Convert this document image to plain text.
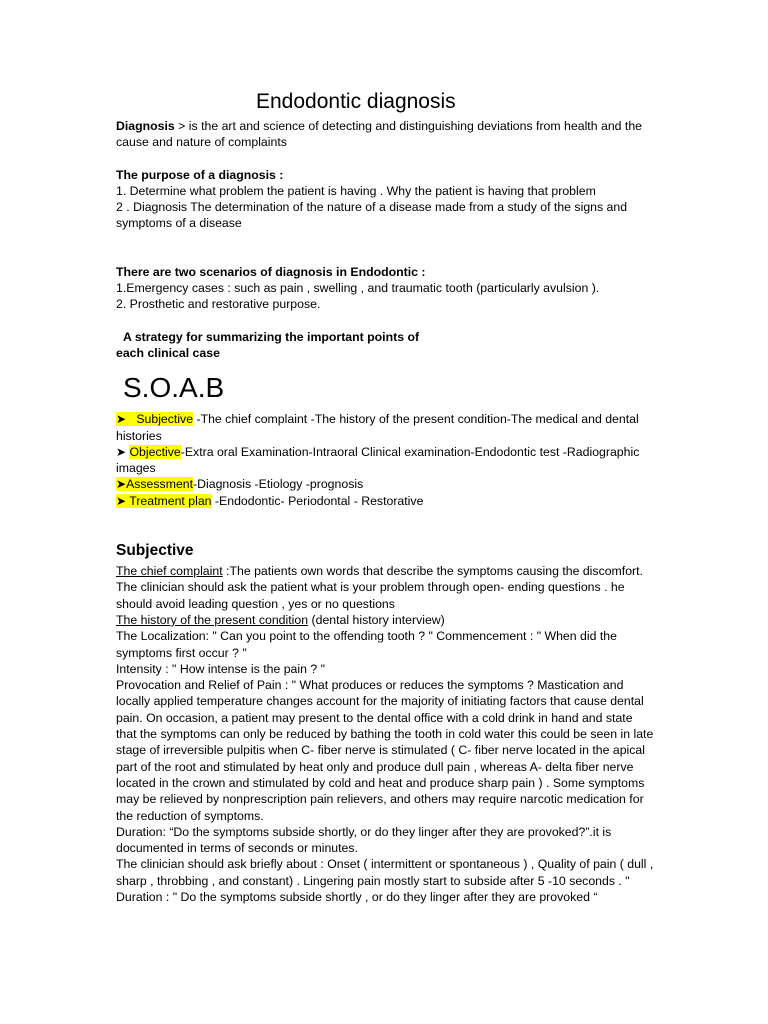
Endodontic diagnosis

Diagnosis > is the art and science of detecting and distinguishing deviations from health and the cause and nature of complaints

The purpose of a diagnosis :

1. Determine what problem the patient is having . Why the patient is having that problem

2 . Diagnosis The determination of the nature of a disease made from a study of the signs and symptoms of a disease

There are two scenarios of diagnosis in Endodontic :

1.Emergency cases : such as pain , swelling , and traumatic tooth (particularly avulsion ).

2. Prosthetic and restorative purpose.

A strategy for summarizing the important points of

each clinical case

S.O.A.B

➤ Subjective -The chief complaint -The history of the present condition-The medical and dental histories

➤ Objective-Extra oral Examination-Intraoral Clinical examination-Endodontic test -Radiographic images

➤Assessment-Diagnosis -Etiology -prognosis

➤ Treatment plan -Endodontic- Periodontal - Restorative

Subjective

The chief complaint :The patients own words that describe the symptoms causing the discomfort. The clinician should ask the patient what is your problem through open- ending questions . he should avoid leading question , yes or no questions

The history of the present condition (dental history interview)

The Localization: " Can you point to the offending tooth ? " Commencement : " When did the symptoms first occur ? "

Intensity : " How intense is the pain ? "

Provocation and Relief of Pain : " What produces or reduces the symptoms ? Mastication and locally applied temperature changes account for the majority of initiating factors that cause dental pain. On occasion, a patient may present to the dental office with a cold drink in hand and state that the symptoms can only be reduced by bathing the tooth in cold water this could be seen in late stage of irreversible pulpitis when C- fiber nerve is stimulated ( C- fiber nerve located in the apical part of the root and stimulated by heat only and produce dull pain , whereas A- delta fiber nerve located in the crown and stimulated by cold and heat and produce sharp pain ) . Some symptoms may be relieved by nonprescription pain relievers, and others may require narcotic medication for the reduction of symptoms.

Duration: “Do the symptoms subside shortly, or do they linger after they are provoked?”.it is documented in terms of seconds or minutes.

The clinician should ask briefly about : Onset ( intermittent or spontaneous ) , Quality of pain ( dull , sharp , throbbing , and constant) . Lingering pain mostly start to subside after 5 -10 seconds . " Duration : " Do the symptoms subside shortly , or do they linger after they are provoked “
